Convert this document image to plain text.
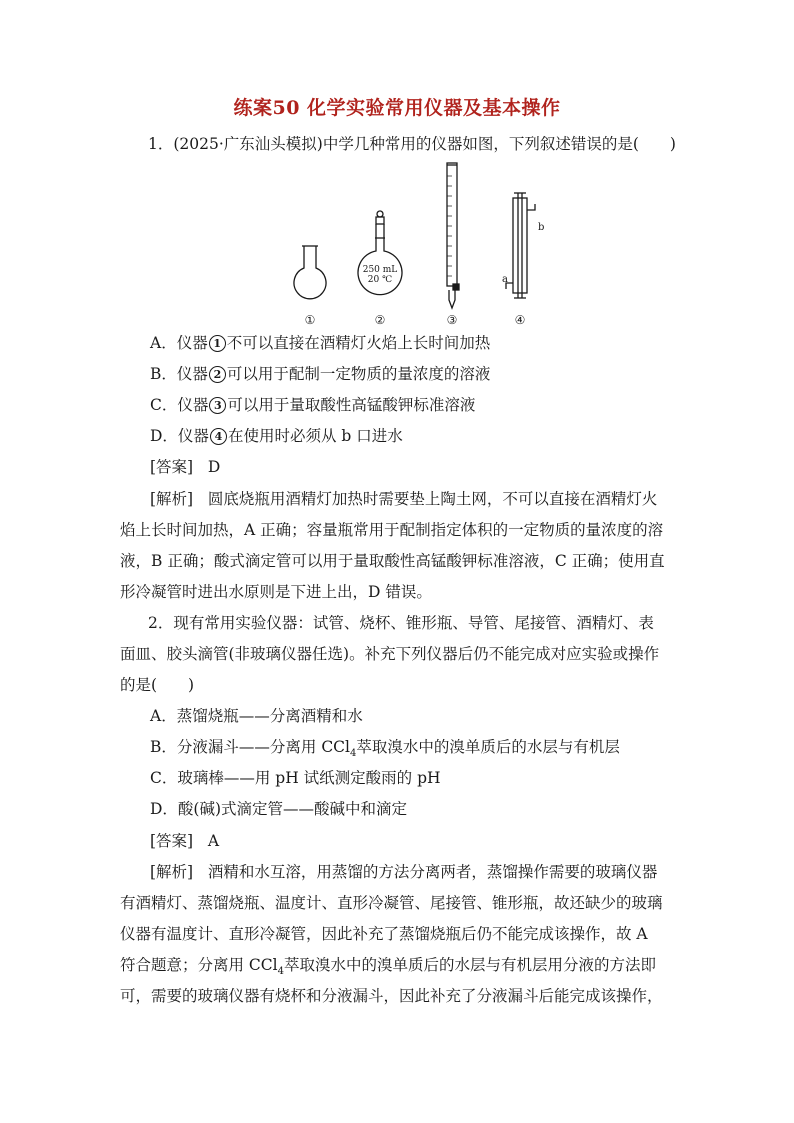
练案50 化学实验常用仪器及基本操作
1．(2025·广东汕头模拟)中学几种常用的仪器如图，下列叙述错误的是(　　)
250 mL
20 ℃
b
a
①	②	③	④
A．仪器 1 不可以直接在酒精灯火焰上长时间加热
B．仪器 2 可以用于配制一定物质的量浓度的溶液
C．仪器 3 可以用于量取酸性高锰酸钾标准溶液
D．仪器 4 在使用时必须从 b 口进水
[答案] D
[解析] 圆底烧瓶用酒精灯加热时需要垫上陶土网，不可以直接在酒精灯火
焰上长时间加热，A 正确；容量瓶常用于配制指定体积的一定物质的量浓度的溶
液，B 正确；酸式滴定管可以用于量取酸性高锰酸钾标准溶液，C 正确；使用直
形冷凝管时进出水原则是下进上出，D 错误。
2．现有常用实验仪器：试管、烧杯、锥形瓶、导管、尾接管、酒精灯、表
面皿、胶头滴管(非玻璃仪器任选)。补充下列仪器后仍不能完成对应实验或操作
的是(　　)
A．蒸馏烧瓶——分离酒精和水
B．分液漏斗——分离用 CCl$_4$萃取溴水中的溴单质后的水层与有机层
C．玻璃棒——用 pH 试纸测定酸雨的 pH
D．酸(碱)式滴定管——酸碱中和滴定
[答案] A
[解析] 酒精和水互溶，用蒸馏的方法分离两者，蒸馏操作需要的玻璃仪器
有酒精灯、蒸馏烧瓶、温度计、直形冷凝管、尾接管、锥形瓶，故还缺少的玻璃
仪器有温度计、直形冷凝管，因此补充了蒸馏烧瓶后仍不能完成该操作，故 A
符合题意；分离用 CCl$_4$萃取溴水中的溴单质后的水层与有机层用分液的方法即
可，需要的玻璃仪器有烧杯和分液漏斗，因此补充了分液漏斗后能完成该操作，
